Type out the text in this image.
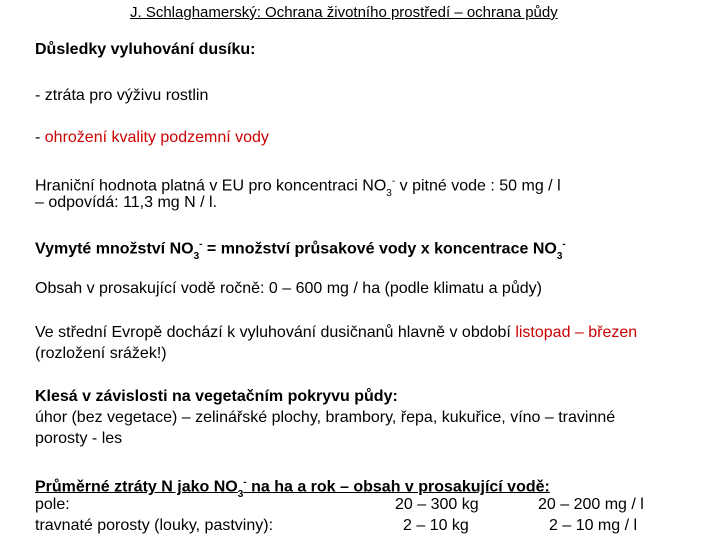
J. Schlaghamerský: Ochrana životního prostředí – ochrana půdy
Důsledky vyluhování dusíku:
- ztráta pro výživu rostlin
- ohrožení kvality podzemní vody
Hraniční hodnota platná v EU pro koncentraci $NO_3^-$ v pitné vode : 50 mg / l
– odpovídá: 11,3 mg N / l.
Vymyté množství $NO_3^-$ = množství průsakové vody x koncentrace $NO_3^-$
Obsah v prosakující vodě ročně: 0 – 600 mg / ha (podle klimatu a půdy)
Ve střední Evropě dochází k vyluhování dusičnanů hlavně v období listopad – březen
(rozložení srážek!)
Klesá v závislosti na vegetačním pokryvu půdy:
úhor (bez vegetace) – zelinářské plochy, brambory, řepa, kukuřice, víno – travinné
porosty - les
Průměrné ztráty N jako $NO_3^-$ na ha a rok – obsah v prosakující vodě:
pole:	20 – 300 kg	20 – 200 mg / l
travnaté porosty (louky, pastviny):	2 – 10 kg	2 – 10 mg / l
